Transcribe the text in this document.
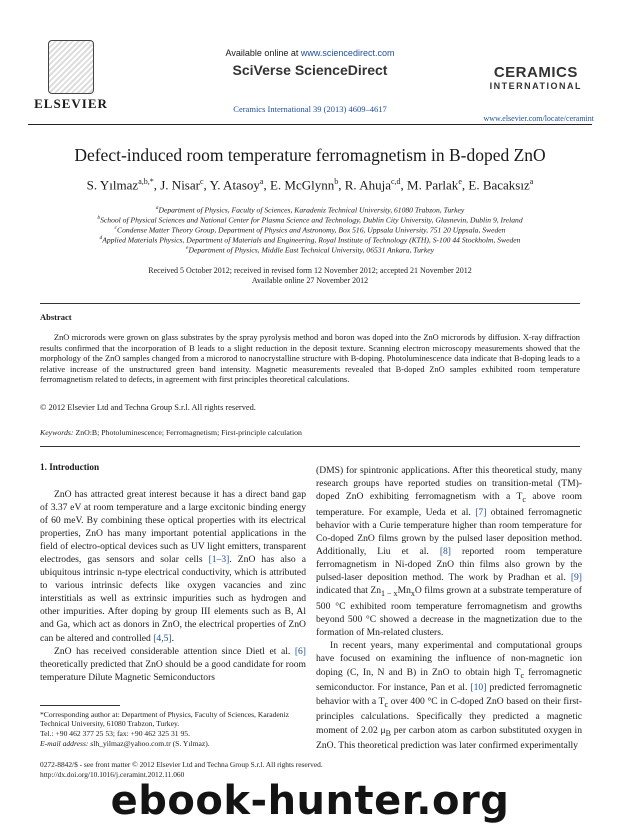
ELSEVIER
Available online at www.sciencedirect.com
SciVerse ScienceDirect
Ceramics International 39 (2013) 4609–4617
CERAMICS
INTERNATIONAL
www.elsevier.com/locate/ceramint
Defect-induced room temperature ferromagnetism in B-doped ZnO
S. Yılmaz$^{a,b,*}$, J. Nisar$^c$, Y. Atasoy$^a$, E. McGlynn$^b$, R. Ahuja$^{c,d}$, M. Parlak$^e$, E. Bacaksız$^a$
$^a$Department of Physics, Faculty of Sciences, Karadeniz Technical University, 61080 Trabzon, Turkey
$^b$School of Physical Sciences and National Center for Plasma Science and Technology, Dublin City University, Glasnevin, Dublin 9, Ireland
$^c$Condense Matter Theory Group, Department of Physics and Astronomy, Box 516, Uppsala University, 751 20 Uppsala, Sweden
$^d$Applied Materials Physics, Department of Materials and Engineering, Royal Institute of Technology (KTH), S-100 44 Stockholm, Sweden
$^e$Department of Physics, Middle East Technical University, 06531 Ankara, Turkey
Received 5 October 2012; received in revised form 12 November 2012; accepted 21 November 2012
Available online 27 November 2012
Abstract
ZnO microrods were grown on glass substrates by the spray pyrolysis method and boron was doped into the ZnO microrods by diffusion. X-ray diffraction results confirmed that the incorporation of B leads to a slight reduction in the deposit texture. Scanning electron microscopy measurements showed that the morphology of the ZnO samples changed from a microrod to nanocrystalline structure with B-doping. Photoluminescence data indicate that B-doping leads to a relative increase of the unstructured green band intensity. Magnetic measurements revealed that B-doped ZnO samples exhibited room temperature ferromagnetism related to defects, in agreement with first principles theoretical calculations.
© 2012 Elsevier Ltd and Techna Group S.r.l. All rights reserved.
Keywords: ZnO:B; Photoluminescence; Ferromagnetism; First-principle calculation
1. Introduction

ZnO has attracted great interest because it has a direct band gap of 3.37 eV at room temperature and a large excitonic binding energy of 60 meV. By combining these optical properties with its electrical properties, ZnO has many important potential applications in the field of electro-optical devices such as UV light emitters, transparent electrodes, gas sensors and solar cells [1–3]. ZnO has also a ubiquitous intrinsic n-type electrical conductivity, which is attributed to various intrinsic defects like oxygen vacancies and zinc interstitials as well as extrinsic impurities such as hydrogen and other impurities. After doping by group III elements such as B, Al and Ga, which act as donors in ZnO, the electrical properties of ZnO can be altered and controlled [4,5].

ZnO has received considerable attention since Dietl et al. [6] theoretically predicted that ZnO should be a good candidate for room temperature Dilute Magnetic Semiconductors

(DMS) for spintronic applications. After this theoretical study, many research groups have reported studies on transition-metal (TM)-doped ZnO exhibiting ferromagnetism with a $T_c$ above room temperature. For example, Ueda et al. [7] obtained ferromagnetic behavior with a Curie temperature higher than room temperature for Co-doped ZnO films grown by the pulsed laser deposition method. Additionally, Liu et al. [8] reported room temperature ferromagnetism in Ni-doped ZnO thin films also grown by the pulsed-laser deposition method. The work by Pradhan et al. [9] indicated that $Zn_{1 - x}Mn_xO$ films grown at a substrate temperature of 500 °C exhibited room temperature ferromagnetism and growths beyond 500 °C showed a decrease in the magnetization due to the formation of Mn-related clusters.

In recent years, many experimental and computational groups have focused on examining the influence of non-magnetic ion doping (C, In, N and B) in ZnO to obtain high $T_c$ ferromagnetic semiconductor. For instance, Pan et al. [10] predicted ferromagnetic behavior with a $T_c$ over 400 °C in C-doped ZnO based on their first-principles calculations. Specifically they predicted a magnetic moment of 2.02 $\mu_B$ per carbon atom as carbon substituted oxygen in ZnO. This theoretical prediction was later confirmed experimentally

*Corresponding author at: Department of Physics, Faculty of Sciences, Karadeniz Technical University, 61080 Trabzon, Turkey.
Tel.: +90 462 377 25 53; fax: +90 462 325 31 95.
E-mail address: slh_yilmaz@yahoo.com.tr (S. Yılmaz).
0272-8842/$ - see front matter © 2012 Elsevier Ltd and Techna Group S.r.l. All rights reserved.
http://dx.doi.org/10.1016/j.ceramint.2012.11.060
ebook-hunter.org
